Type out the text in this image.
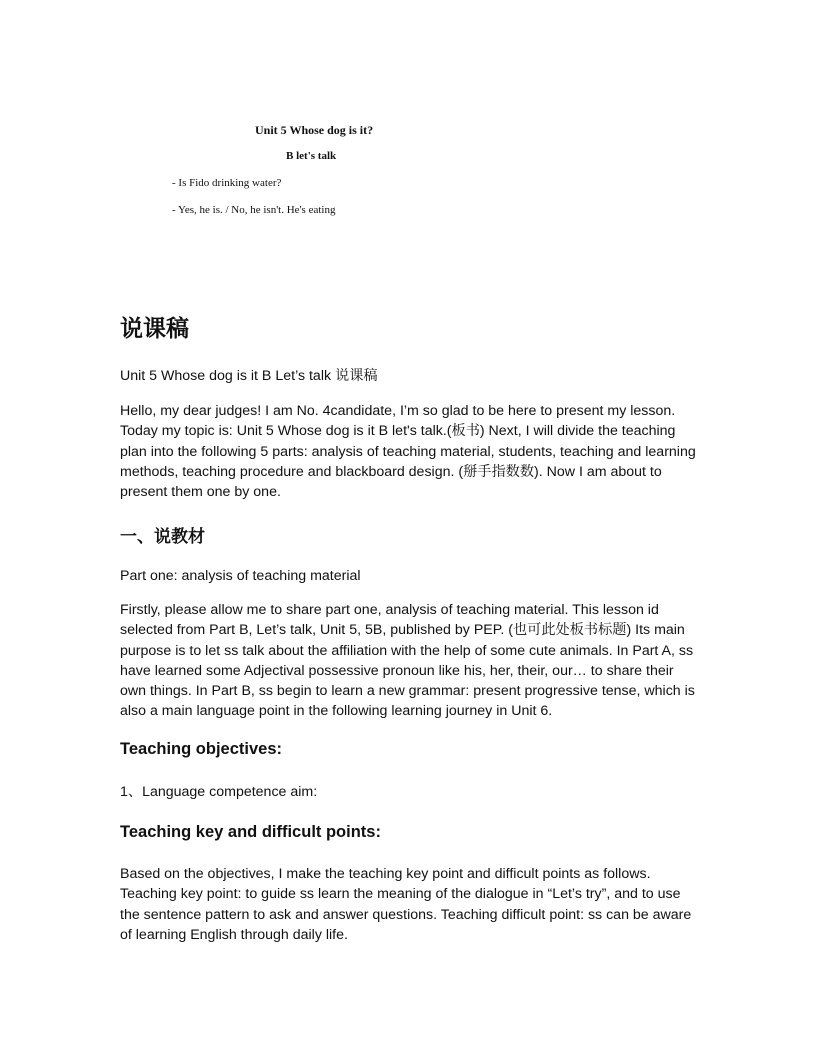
Unit 5 Whose dog is it?
B let's talk
- Is Fido drinking water?
- Yes, he is. / No, he isn't. He's eating
说课稿
Unit 5 Whose dog is it B Let’s talk 说课稿
Hello, my dear judges! I am No. 4candidate, I’m so glad to be here to present my lesson. Today my topic is: Unit 5 Whose dog is it B let's talk.(板书) Next, I will divide the teaching plan into the following 5 parts: analysis of teaching material, students, teaching and learning methods, teaching procedure and blackboard design. (掰手指数数). Now I am about to present them one by one.
一、说教材
Part one: analysis of teaching material
Firstly, please allow me to share part one, analysis of teaching material. This lesson id selected from Part B, Let’s talk, Unit 5, 5B, published by PEP. (也可此处板书标题) Its main purpose is to let ss talk about the affiliation with the help of some cute animals. In Part A, ss have learned some Adjectival possessive pronoun like his, her, their, our… to share their own things. In Part B, ss begin to learn a new grammar: present progressive tense, which is also a main language point in the following learning journey in Unit 6.
Teaching objectives:
1、Language competence aim:
Teaching key and difficult points:
Based on the objectives, I make the teaching key point and difficult points as follows. Teaching key point: to guide ss learn the meaning of the dialogue in “Let’s try”, and to use the sentence pattern to ask and answer questions. Teaching difficult point: ss can be aware of learning English through daily life.
